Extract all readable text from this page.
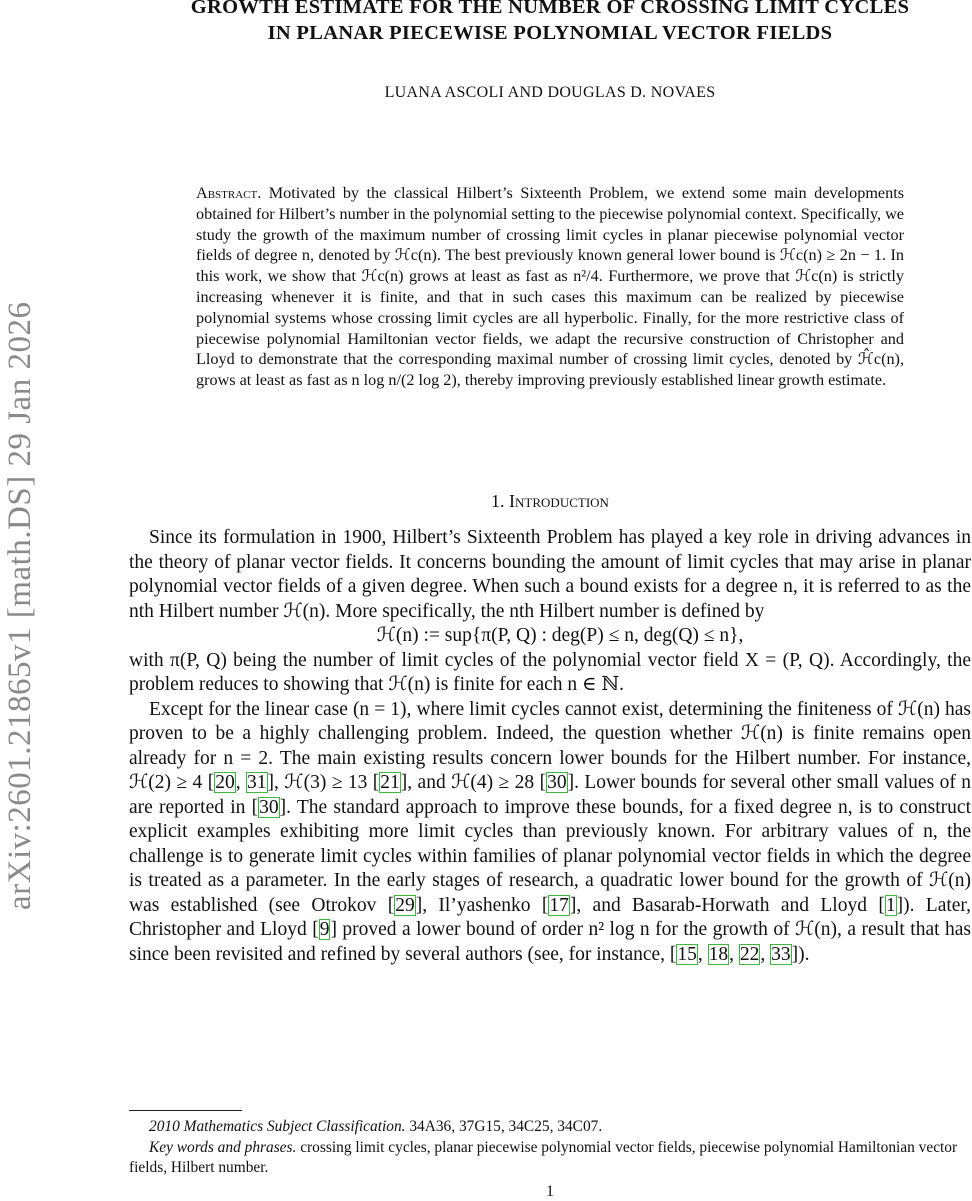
arXiv:2601.21865v1 [math.DS] 29 Jan 2026
GROWTH ESTIMATE FOR THE NUMBER OF CROSSING LIMIT CYCLES
IN PLANAR PIECEWISE POLYNOMIAL VECTOR FIELDS
LUANA ASCOLI AND DOUGLAS D. NOVAES

Abstract. Motivated by the classical Hilbert’s Sixteenth Problem, we extend some main developments obtained for Hilbert’s number in the polynomial setting to the piecewise polynomial context. Specifically, we study the growth of the maximum number of crossing limit cycles in planar piecewise polynomial vector fields of degree n, denoted by ℋc(n). The best previously known general lower bound is ℋc(n) ≥ 2n − 1. In this work, we show that ℋc(n) grows at least as fast as n²/4. Furthermore, we prove that ℋc(n) is strictly increasing whenever it is finite, and that in such cases this maximum can be realized by piecewise polynomial systems whose crossing limit cycles are all hyperbolic. Finally, for the more restrictive class of piecewise polynomial Hamiltonian vector fields, we adapt the recursive construction of Christopher and Lloyd to demonstrate that the corresponding maximal number of crossing limit cycles, denoted by ℋ̂c(n), grows at least as fast as n log n/(2 log 2), thereby improving previously established linear growth estimate.

1. Introduction

Since its formulation in 1900, Hilbert’s Sixteenth Problem has played a key role in driving advances in the theory of planar vector fields. It concerns bounding the amount of limit cycles that may arise in planar polynomial vector fields of a given degree. When such a bound exists for a degree n, it is referred to as the nth Hilbert number ℋ(n). More specifically, the nth Hilbert number is defined by

ℋ(n) := sup{π(P, Q) : deg(P) ≤ n, deg(Q) ≤ n},

with π(P, Q) being the number of limit cycles of the polynomial vector field X = (P, Q). Accordingly, the problem reduces to showing that ℋ(n) is finite for each n ∈ ℕ.

Except for the linear case (n = 1), where limit cycles cannot exist, determining the finiteness of ℋ(n) has proven to be a highly challenging problem. Indeed, the question whether ℋ(n) is finite remains open already for n = 2. The main existing results concern lower bounds for the Hilbert number. For instance, ℋ(2) ≥ 4 [20, 31], ℋ(3) ≥ 13 [21], and ℋ(4) ≥ 28 [30]. Lower bounds for several other small values of n are reported in [30]. The standard approach to improve these bounds, for a fixed degree n, is to construct explicit examples exhibiting more limit cycles than previously known. For arbitrary values of n, the challenge is to generate limit cycles within families of planar polynomial vector fields in which the degree is treated as a parameter. In the early stages of research, a quadratic lower bound for the growth of ℋ(n) was established (see Otrokov [29], Il’yashenko [17], and Basarab-Horwath and Lloyd [1]). Later, Christopher and Lloyd [9] proved a lower bound of order n² log n for the growth of ℋ(n), a result that has since been revisited and refined by several authors (see, for instance, [15, 18, 22, 33]).

2010 Mathematics Subject Classification. 34A36, 37G15, 34C25, 34C07.

Key words and phrases. crossing limit cycles, planar piecewise polynomial vector fields, piecewise polynomial Hamiltonian vector fields, Hilbert number.

1
